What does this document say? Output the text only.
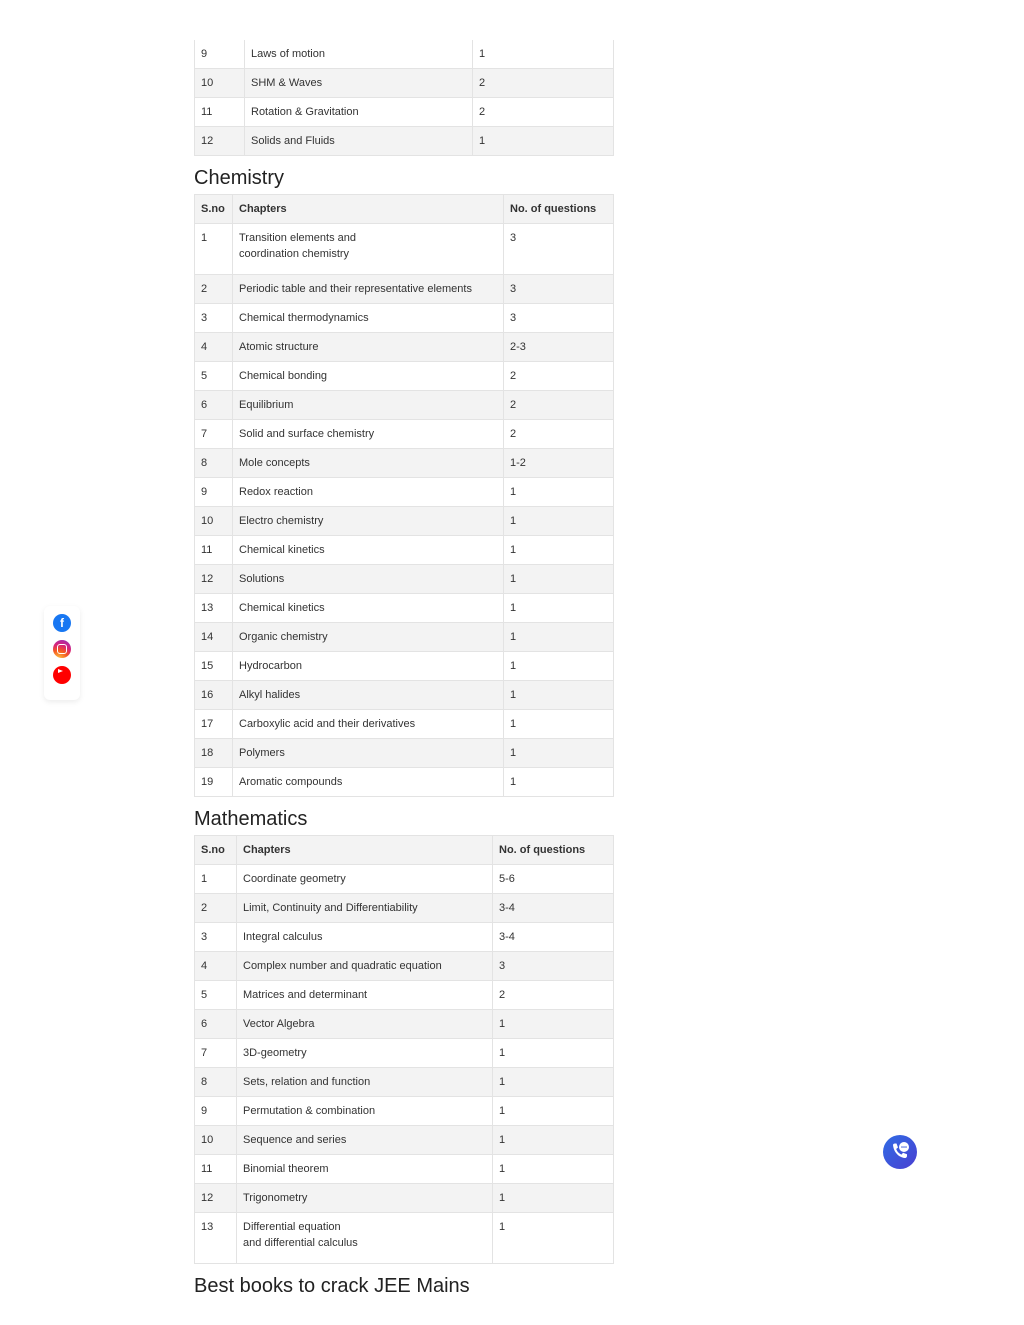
9	Laws of motion	1
10	SHM & Waves	2
11	Rotation & Gravitation	2
12	Solids and Fluids	1
Chemistry
S.no	Chapters	No. of questions
1	Transition elements and coordination chemistry	3
2	Periodic table and their representative elements	3
3	Chemical thermodynamics	3
4	Atomic structure	2-3
5	Chemical bonding	2
6	Equilibrium	2
7	Solid and surface chemistry	2
8	Mole concepts	1-2
9	Redox reaction	1
10	Electro chemistry	1
11	Chemical kinetics	1
12	Solutions	1
13	Chemical kinetics	1
14	Organic chemistry	1
15	Hydrocarbon	1
16	Alkyl halides	1
17	Carboxylic acid and their derivatives	1
18	Polymers	1
19	Aromatic compounds	1
Mathematics
S.no	Chapters	No. of questions
1	Coordinate geometry	5-6
2	Limit, Continuity and Differentiability	3-4
3	Integral calculus	3-4
4	Complex number and quadratic equation	3
5	Matrices and determinant	2
6	Vector Algebra	1
7	3D-geometry	1
8	Sets, relation and function	1
9	Permutation & combination	1
10	Sequence and series	1
11	Binomial theorem	1
12	Trigonometry	1
13	Differential equation and differential calculus	1
Best books to crack JEE Mains
f
